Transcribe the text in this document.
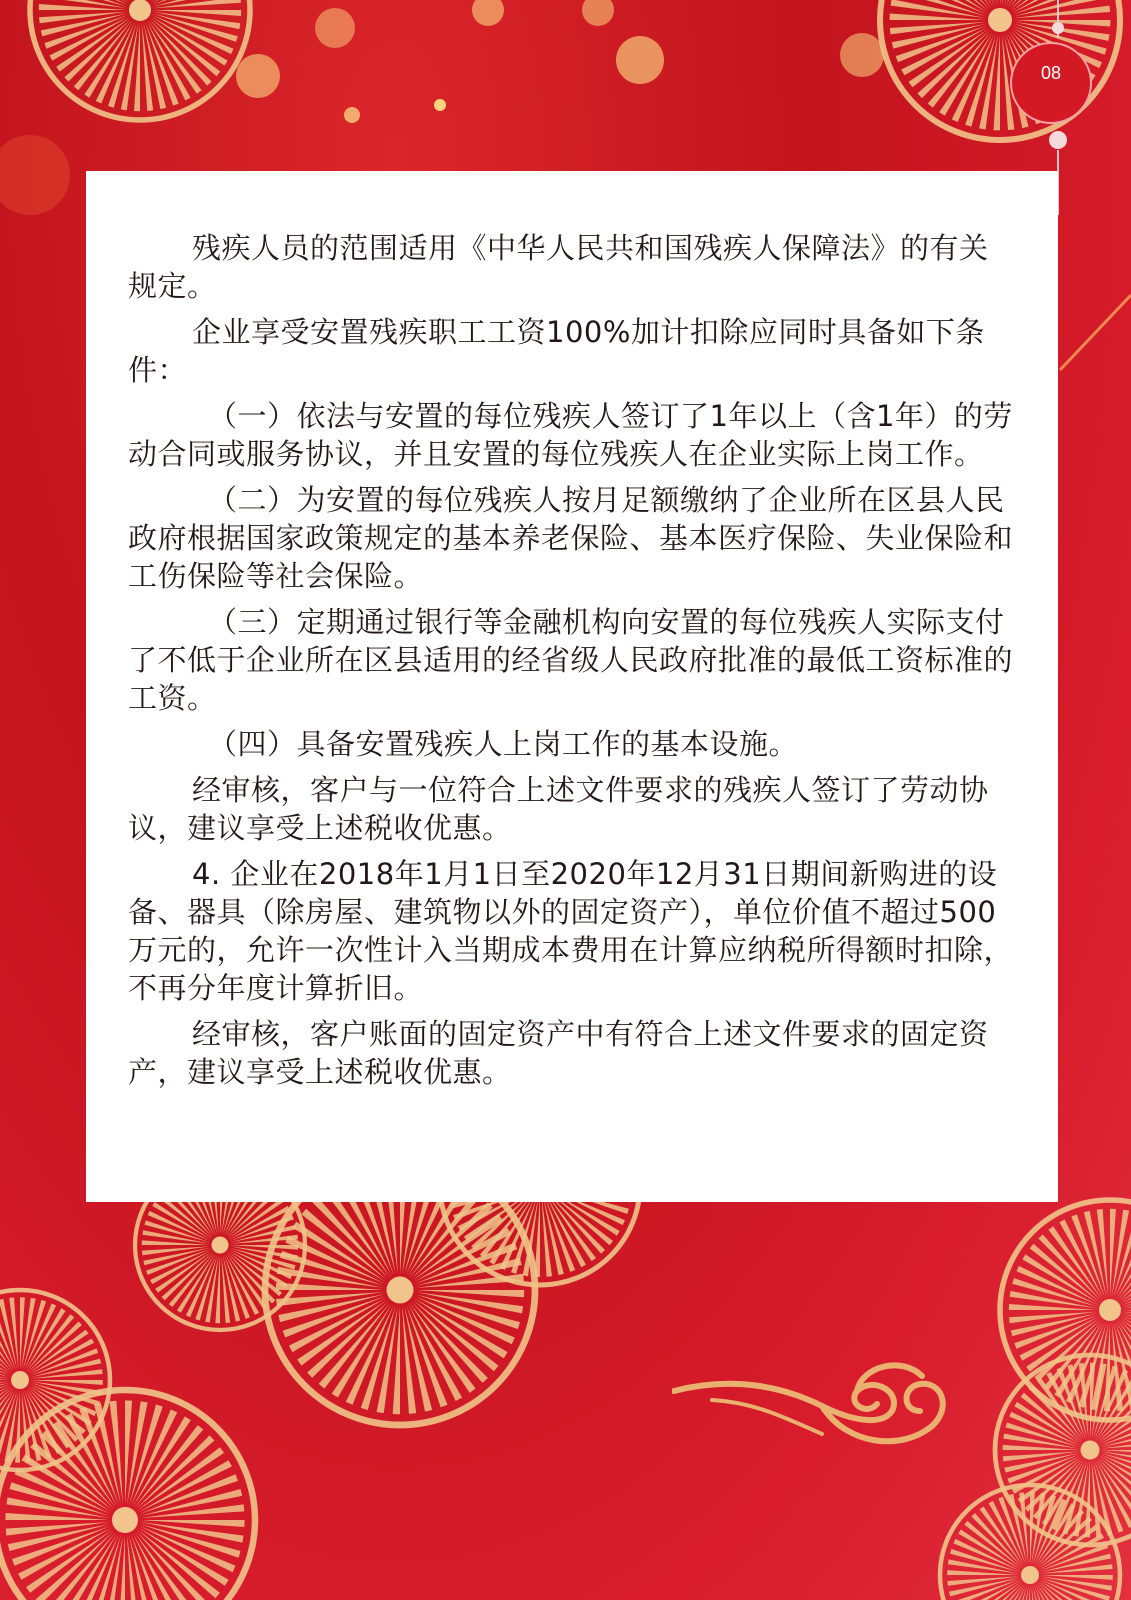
08

残疾人员的范围适用《中华人民共和国残疾人保障法》的有关规定。

企业享受安置残疾职工工资100%加计扣除应同时具备如下条件：

（一）依法与安置的每位残疾人签订了1年以上（含1年）的劳动合同或服务协议，并且安置的每位残疾人在企业实际上岗工作。

（二）为安置的每位残疾人按月足额缴纳了企业所在区县人民政府根据国家政策规定的基本养老保险、基本医疗保险、失业保险和工伤保险等社会保险。

（三）定期通过银行等金融机构向安置的每位残疾人实际支付了不低于企业所在区县适用的经省级人民政府批准的最低工资标准的工资。

（四）具备安置残疾人上岗工作的基本设施。

经审核，客户与一位符合上述文件要求的残疾人签订了劳动协议，建议享受上述税收优惠。

4. 企业在2018年1月1日至2020年12月31日期间新购进的设备、器具（除房屋、建筑物以外的固定资产），单位价值不超过500万元的，允许一次性计入当期成本费用在计算应纳税所得额时扣除，不再分年度计算折旧。

经审核，客户账面的固定资产中有符合上述文件要求的固定资产，建议享受上述税收优惠。
